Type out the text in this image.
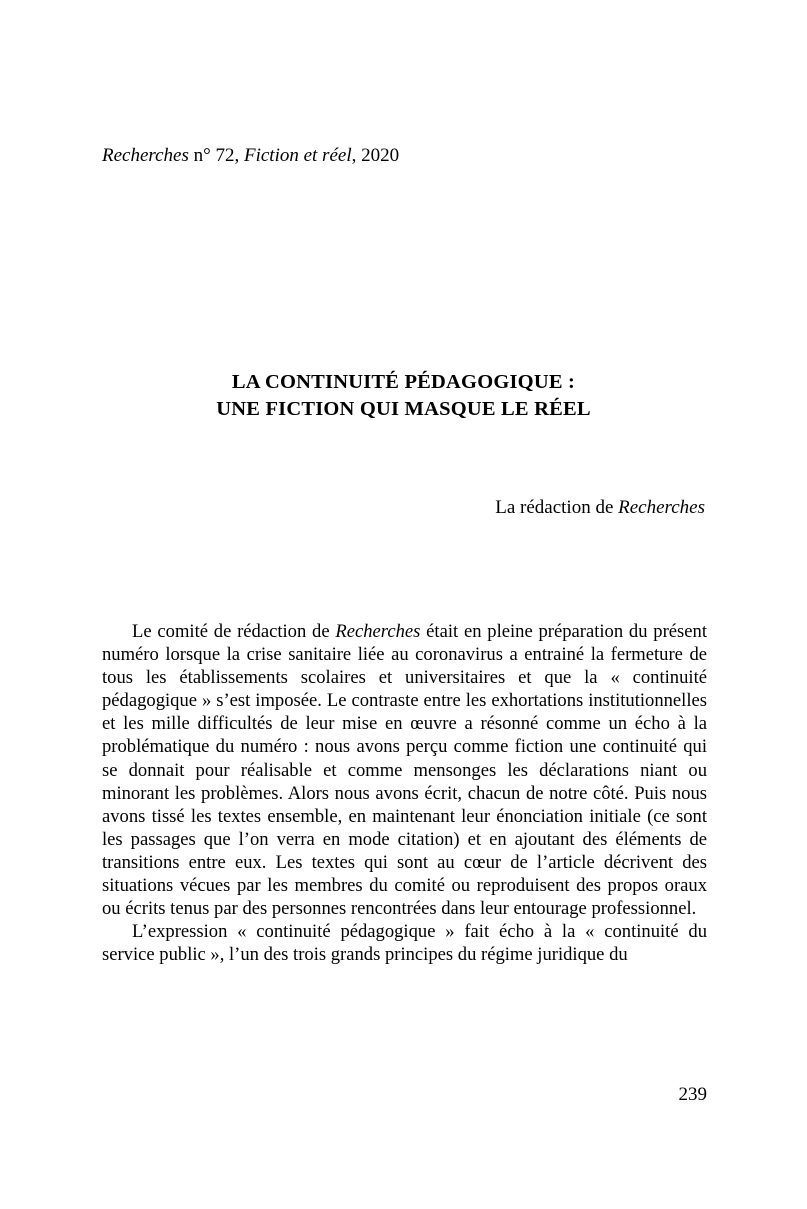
Recherches n° 72, Fiction et réel, 2020
LA CONTINUITÉ PÉDAGOGIQUE :
UNE FICTION QUI MASQUE LE RÉEL
La rédaction de Recherches

Le comité de rédaction de Recherches était en pleine préparation du présent numéro lorsque la crise sanitaire liée au coronavirus a entrainé la fermeture de tous les établissements scolaires et universitaires et que la « continuité pédagogique » s’est imposée. Le contraste entre les exhortations institutionnelles et les mille difficultés de leur mise en œuvre a résonné comme un écho à la problématique du numéro : nous avons perçu comme fiction une continuité qui se donnait pour réalisable et comme mensonges les déclarations niant ou minorant les problèmes. Alors nous avons écrit, chacun de notre côté. Puis nous avons tissé les textes ensemble, en maintenant leur énonciation initiale (ce sont les passages que l’on verra en mode citation) et en ajoutant des éléments de transitions entre eux. Les textes qui sont au cœur de l’article décrivent des situations vécues par les membres du comité ou reproduisent des propos oraux ou écrits tenus par des personnes rencontrées dans leur entourage professionnel.

L’expression « continuité pédagogique » fait écho à la « continuité du service public », l’un des trois grands principes du régime juridique du

239
